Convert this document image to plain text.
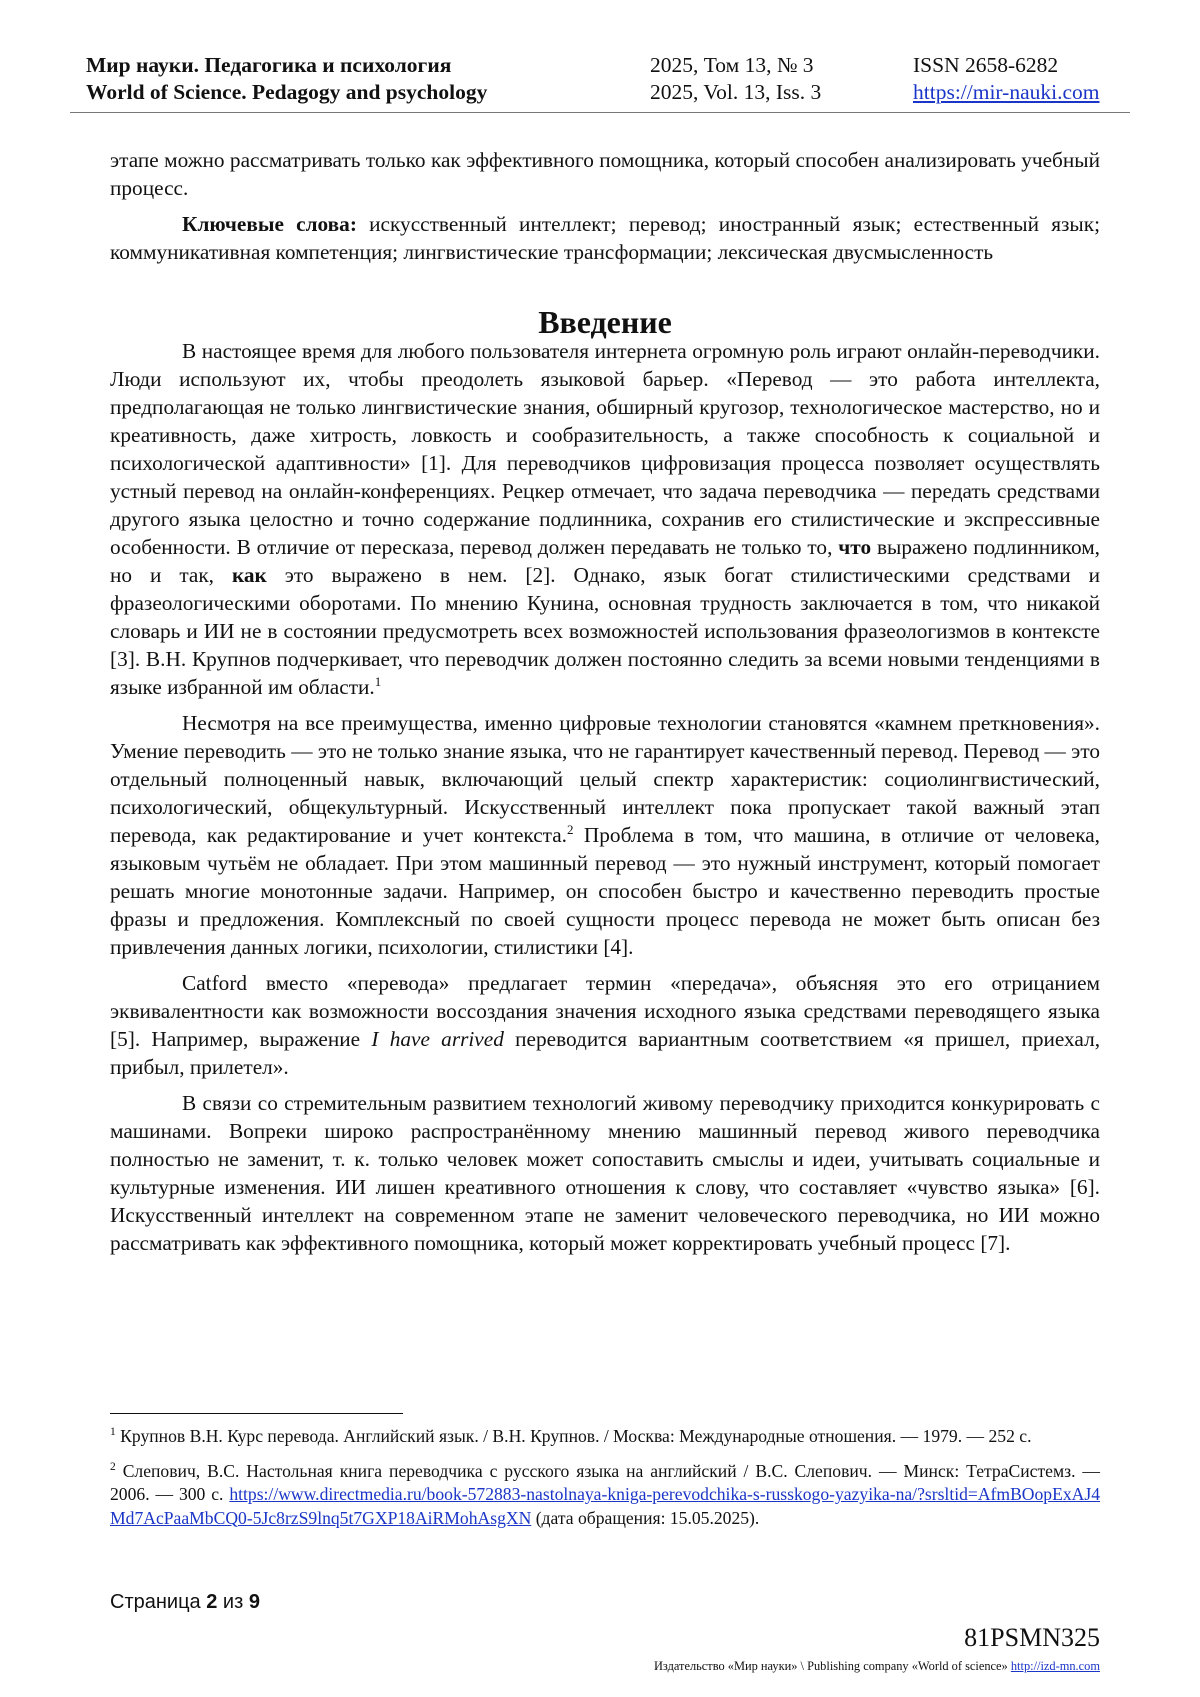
Мир науки. Педагогика и психология
World of Science. Pedagogy and psychology
2025, Том 13, № 3
2025, Vol. 13, Iss. 3
ISSN 2658-6282
https://mir-nauki.com

этапе можно рассматривать только как эффективного помощника, который способен анализировать учебный процесс.

Ключевые слова: искусственный интеллект; перевод; иностранный язык; естественный язык; коммуникативная компетенция; лингвистические трансформации; лексическая двусмысленность

Введение

В настоящее время для любого пользователя интернета огромную роль играют онлайн-переводчики. Люди используют их, чтобы преодолеть языковой барьер. «Перевод — это работа интеллекта, предполагающая не только лингвистические знания, обширный кругозор, технологическое мастерство, но и креативность, даже хитрость, ловкость и сообразительность, а также способность к социальной и психологической адаптивности» [1]. Для переводчиков цифровизация процесса позволяет осуществлять устный перевод на онлайн-конференциях. Рецкер отмечает, что задача переводчика — передать средствами другого языка целостно и точно содержание подлинника, сохранив его стилистические и экспрессивные особенности. В отличие от пересказа, перевод должен передавать не только то, что выражено подлинником, но и так, как это выражено в нем. [2]. Однако, язык богат стилистическими средствами и фразеологическими оборотами. По мнению Кунина, основная трудность заключается в том, что никакой словарь и ИИ не в состоянии предусмотреть всех возможностей использования фразеологизмов в контексте [3]. В.Н. Крупнов подчеркивает, что переводчик должен постоянно следить за всеми новыми тенденциями в языке избранной им области.$^1$

Несмотря на все преимущества, именно цифровые технологии становятся «камнем преткновения». Умение переводить — это не только знание языка, что не гарантирует качественный перевод. Перевод — это отдельный полноценный навык, включающий целый спектр характеристик: социолингвистический, психологический, общекультурный. Искусственный интеллект пока пропускает такой важный этап перевода, как редактирование и учет контекста.$^2$ Проблема в том, что машина, в отличие от человека, языковым чутьём не обладает. При этом машинный перевод — это нужный инструмент, который помогает решать многие монотонные задачи. Например, он способен быстро и качественно переводить простые фразы и предложения. Комплексный по своей сущности процесс перевода не может быть описан без привлечения данных логики, психологии, стилистики [4].

Catford вместо «перевода» предлагает термин «передача», объясняя это его отрицанием эквивалентности как возможности воссоздания значения исходного языка средствами переводящего языка [5]. Например, выражение I have arrived переводится вариантным соответствием «я пришел, приехал, прибыл, прилетел».

В связи со стремительным развитием технологий живому переводчику приходится конкурировать с машинами. Вопреки широко распространённому мнению машинный перевод живого переводчика полностью не заменит, т. к. только человек может сопоставить смыслы и идеи, учитывать социальные и культурные изменения. ИИ лишен креативного отношения к слову, что составляет «чувство языка» [6]. Искусственный интеллект на современном этапе не заменит человеческого переводчика, но ИИ можно рассматривать как эффективного помощника, который может корректировать учебный процесс [7].

$^1$ Крупнов В.Н. Курс перевода. Английский язык. / В.Н. Крупнов. / Москва: Международные отношения. — 1979. — 252 с.

$^2$ Слепович, В.С. Настольная книга переводчика с русского языка на английский / В.С. Слепович. — Минск: ТетраСистемз. — 2006. — 300 с. https://www.directmedia.ru/book-572883-nastolnaya-kniga-perevodchika-s-russkogo-yazyika-na/?srsltid=AfmBOopExAJ4Md7AcPaaMbCQ0-5Jc8rzS9lnq5t7GXP18AiRMohAsgXN (дата обращения: 15.05.2025).

Страница 2 из 9
81PSMN325
Издательство «Мир науки» \ Publishing company «World of science» http://izd-mn.com
